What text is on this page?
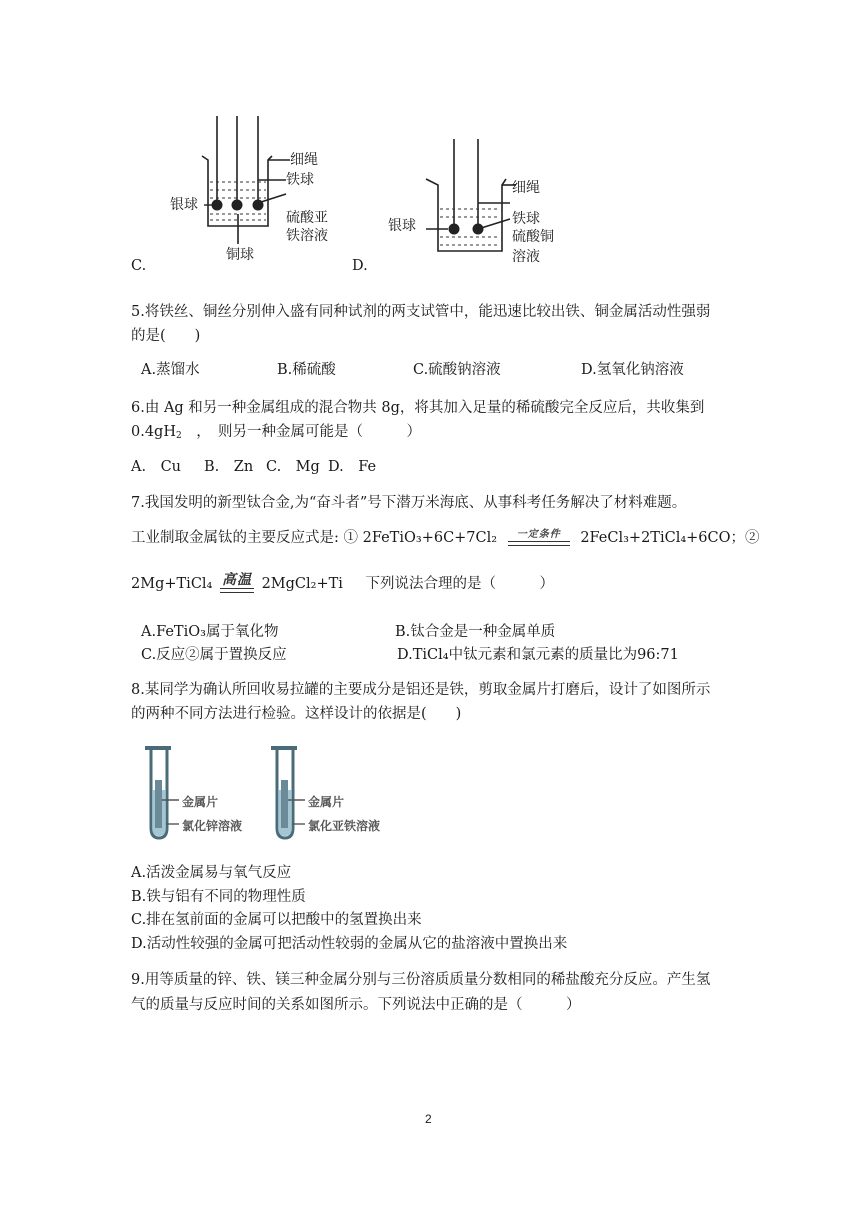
细绳
铁球
银球
硫酸亚
铁溶液
铜球
C.
细绳
铁球
银球
硫酸铜
溶液
D.
5.将铁丝、铜丝分别伸入盛有同种试剂的两支试管中，能迅速比较出铁、铜金属活动性强弱
的是(　　)
A.蒸馏水	B.稀硫酸	C.硫酸钠溶液	D.氢氧化钠溶液
6.由 Ag 和另一种金属组成的混合物共 8g，将其加入足量的稀硫酸完全反应后，共收集到
$0.4gH_2$　，　则另一种金属可能是（　　　）
A.　Cu B.　Zn C.　Mg D.　Fe
7.我国发明的新型钛合金,为“奋斗者”号下潜万米海底、从事科考任务解决了材料难题。
工业制取金属钛的主要反应式是: ① 2FeTiO₃+6C+7Cl₂ 一定条件 2FeCl₃+2TiCl₄+6CO；②
2Mg+TiCl₄ 高温 2MgCl₂+Ti 下列说法合理的是（　　　）
A.FeTiO₃属于氧化物	B.钛合金是一种金属单质
C.反应②属于置换反应	D.TiCl₄中钛元素和氯元素的质量比为96:71
8.某同学为确认所回收易拉罐的主要成分是铝还是铁，剪取金属片打磨后，设计了如图所示
的两种不同方法进行检验。这样设计的依据是(　　)
金属片
氯化锌溶液
金属片
氯化亚铁溶液
A.活泼金属易与氧气反应
B.铁与铝有不同的物理性质
C.排在氢前面的金属可以把酸中的氢置换出来
D.活动性较强的金属可把活动性较弱的金属从它的盐溶液中置换出来
9.用等质量的锌、铁、镁三种金属分别与三份溶质质量分数相同的稀盐酸充分反应。产生氢
气的质量与反应时间的关系如图所示。下列说法中正确的是（　　　）
2
